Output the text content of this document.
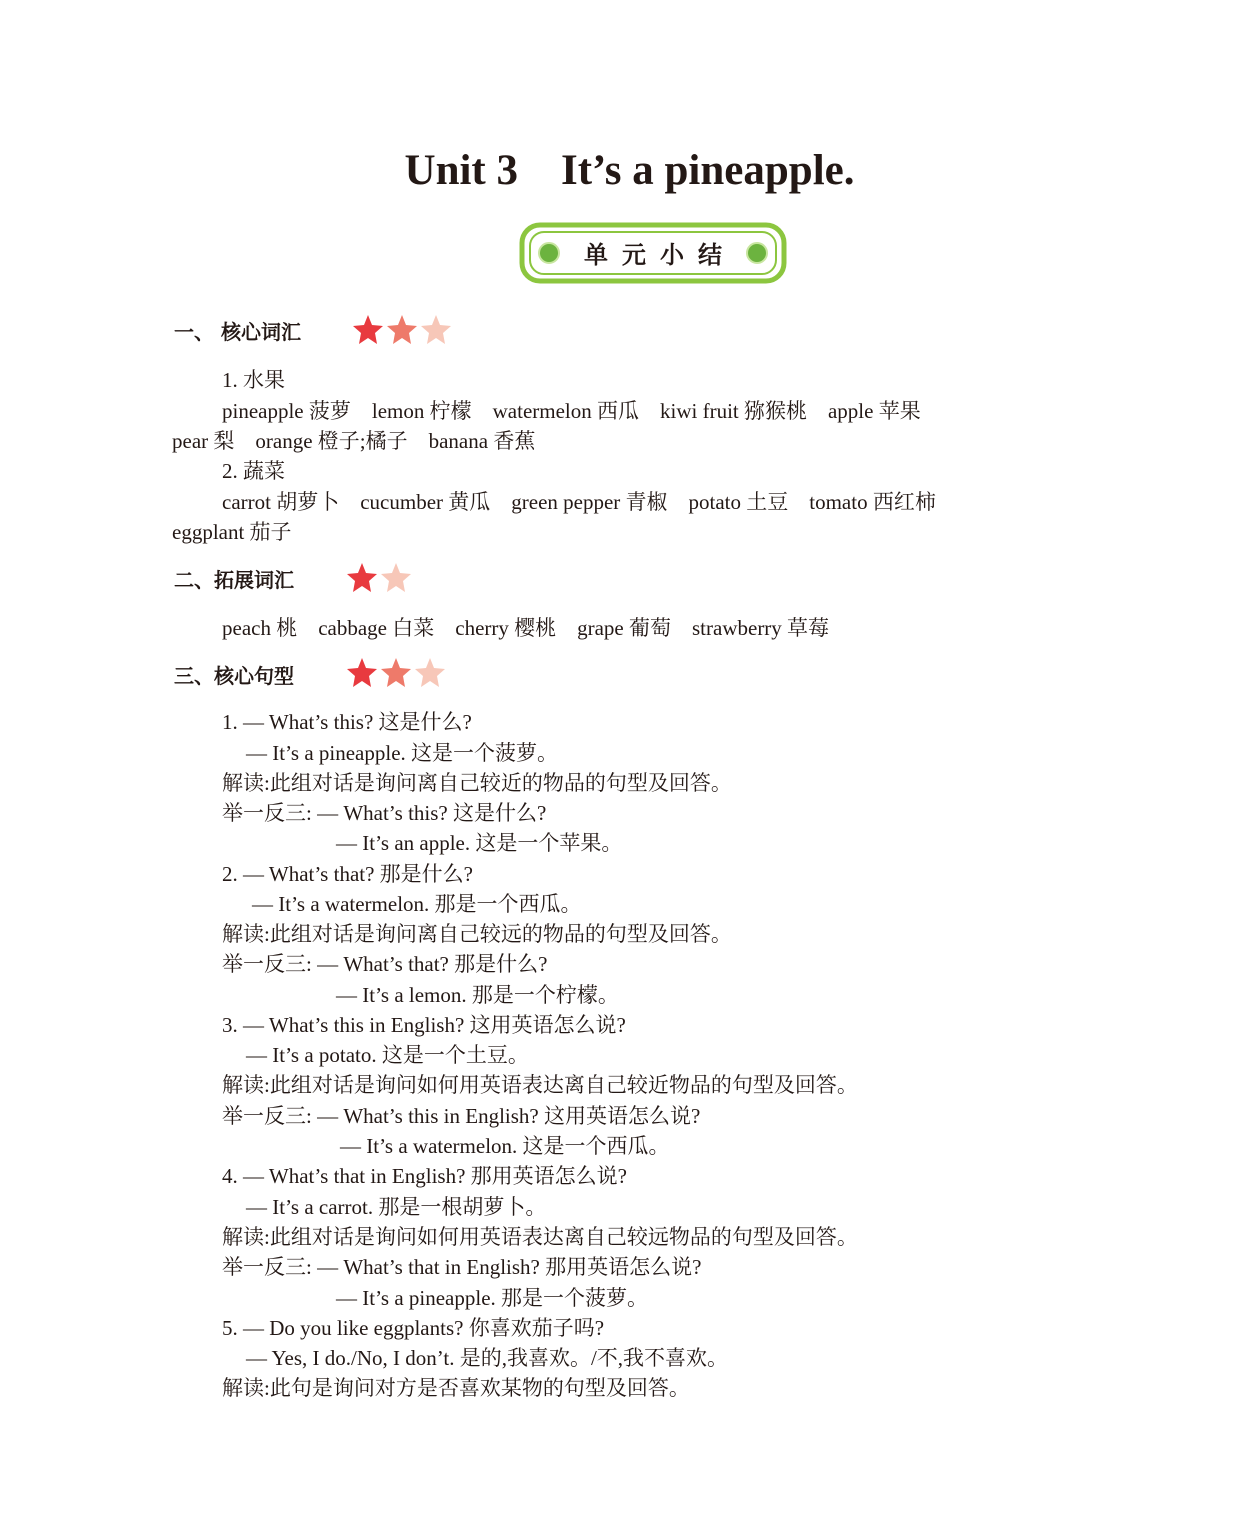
Unit 3    It’s a pineapple.
单元小结
一、 核心词汇
1. 水果
pineapple 菠萝    lemon 柠檬    watermelon 西瓜    kiwi fruit 猕猴桃    apple 苹果
pear 梨    orange 橙子;橘子    banana 香蕉
2. 蔬菜
carrot 胡萝卜    cucumber 黄瓜    green pepper 青椒    potato 土豆    tomato 西红柿
eggplant 茄子
二、拓展词汇
peach 桃    cabbage 白菜    cherry 樱桃    grape 葡萄    strawberry 草莓
三、核心句型
1. — What’s this? 这是什么?
— It’s a pineapple. 这是一个菠萝。
解读:此组对话是询问离自己较近的物品的句型及回答。
举一反三: — What’s this? 这是什么?
— It’s an apple. 这是一个苹果。
2. — What’s that? 那是什么?
— It’s a watermelon. 那是一个西瓜。
解读:此组对话是询问离自己较远的物品的句型及回答。
举一反三: — What’s that? 那是什么?
— It’s a lemon. 那是一个柠檬。
3. — What’s this in English? 这用英语怎么说?
— It’s a potato. 这是一个土豆。
解读:此组对话是询问如何用英语表达离自己较近物品的句型及回答。
举一反三: — What’s this in English? 这用英语怎么说?
— It’s a watermelon. 这是一个西瓜。
4. — What’s that in English? 那用英语怎么说?
— It’s a carrot. 那是一根胡萝卜。
解读:此组对话是询问如何用英语表达离自己较远物品的句型及回答。
举一反三: — What’s that in English? 那用英语怎么说?
— It’s a pineapple. 那是一个菠萝。
5. — Do you like eggplants? 你喜欢茄子吗?
— Yes, I do./No, I don’t. 是的,我喜欢。/不,我不喜欢。
解读:此句是询问对方是否喜欢某物的句型及回答。
